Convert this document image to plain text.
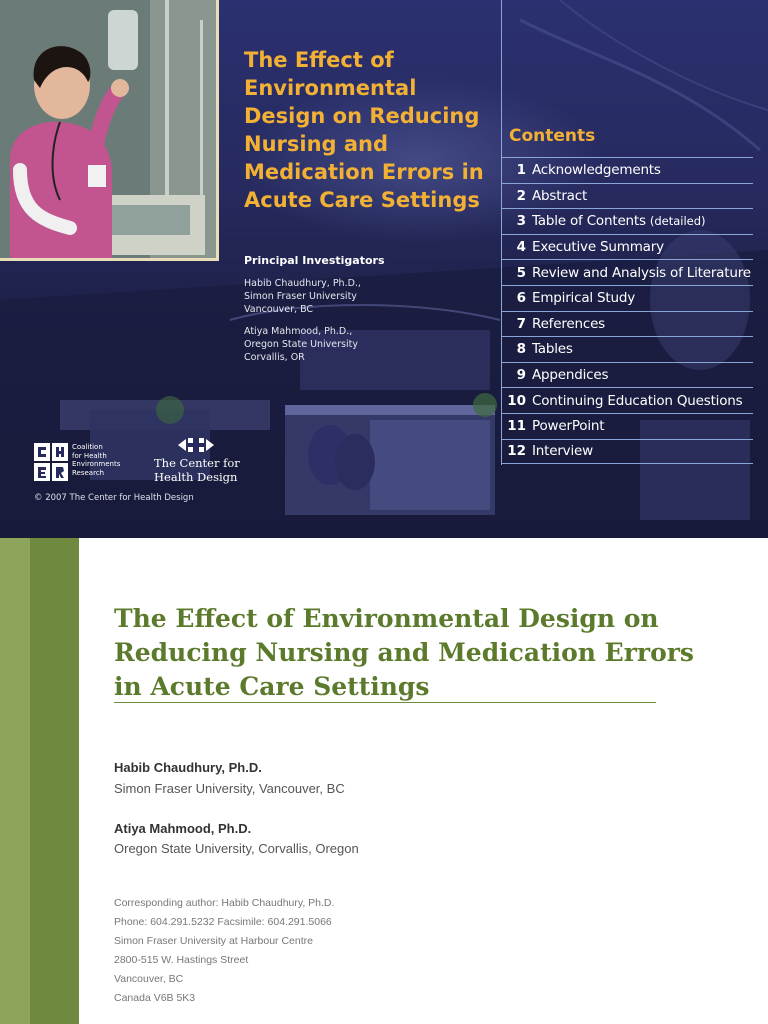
The Effect of Environmental Design on Reducing Nursing and Medication Errors in Acute Care Settings
Principal Investigators
Habib Chaudhury, Ph.D.,
Simon Fraser University
Vancouver, BC
Atiya Mahmood, Ph.D.,
Oregon State University
Corvallis, OR
Contents
1 Acknowledgements
2 Abstract
3 Table of Contents (detailed)
4 Executive Summary
5 Review and Analysis of Literature
6 Empirical Study
7 References
8 Tables
9 Appendices
10 Continuing Education Questions
11 PowerPoint
12 Interview
Coalition
for Health
Environments
Research
The Center for
Health Design
© 2007 The Center for Health Design
The Effect of Environmental Design on Reducing Nursing and Medication Errors in Acute Care Settings
Habib Chaudhury, Ph.D.
Simon Fraser University, Vancouver, BC
Atiya Mahmood, Ph.D.
Oregon State University, Corvallis, Oregon
Corresponding author: Habib Chaudhury, Ph.D.
Phone: 604.291.5232 Facsimile: 604.291.5066
Simon Fraser University at Harbour Centre
2800-515 W. Hastings Street
Vancouver, BC
Canada V6B 5K3
